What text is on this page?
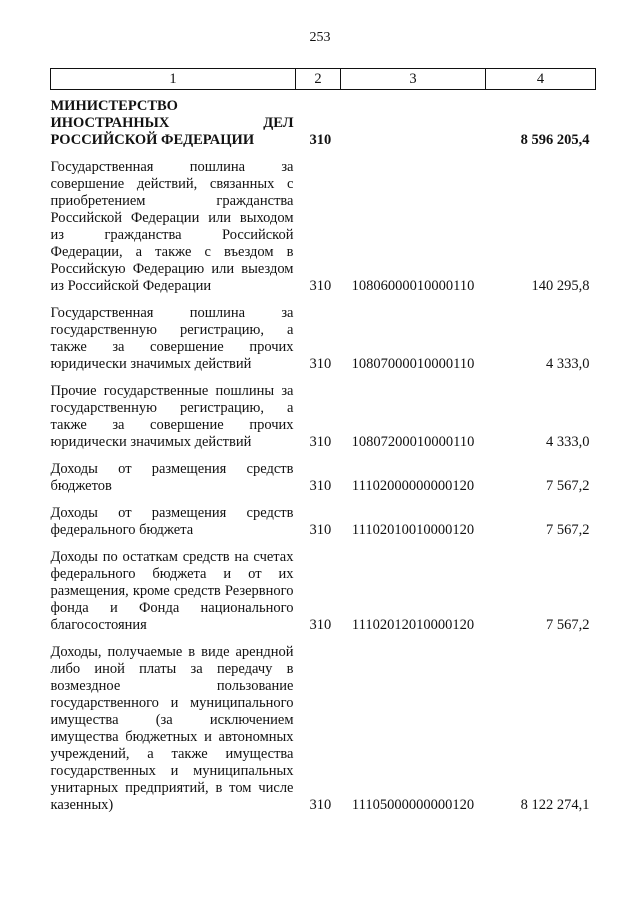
253
1	2	3	4
МИНИСТЕРСТВО ИНОСТРАННЫХ ДЕЛ РОССИЙСКОЙ ФЕДЕРАЦИИ	310		8 596 205,4
Государственная пошлина за совершение действий, связанных с приобретением гражданства Российской Федерации или выходом из гражданства Российской Федерации, а также с въездом в Российскую Федерацию или выездом из Российской Федерации	310	10806000010000110	140 295,8
Государственная пошлина за государственную регистрацию, а также за совершение прочих юридически значимых действий	310	10807000010000110	4 333,0
Прочие государственные пошлины за государственную регистрацию, а также за совершение прочих юридически значимых действий	310	10807200010000110	4 333,0
Доходы от размещения средств бюджетов	310	11102000000000120	7 567,2
Доходы от размещения средств федерального бюджета	310	11102010010000120	7 567,2
Доходы по остаткам средств на счетах федерального бюджета и от их размещения, кроме средств Резервного фонда и Фонда национального благосостояния	310	11102012010000120	7 567,2
Доходы, получаемые в виде арендной либо иной платы за передачу в возмездное пользование государственного и муниципального имущества (за исключением имущества бюджетных и автономных учреждений, а также имущества государственных и муниципальных унитарных предприятий, в том числе казенных)	310	11105000000000120	8 122 274,1
